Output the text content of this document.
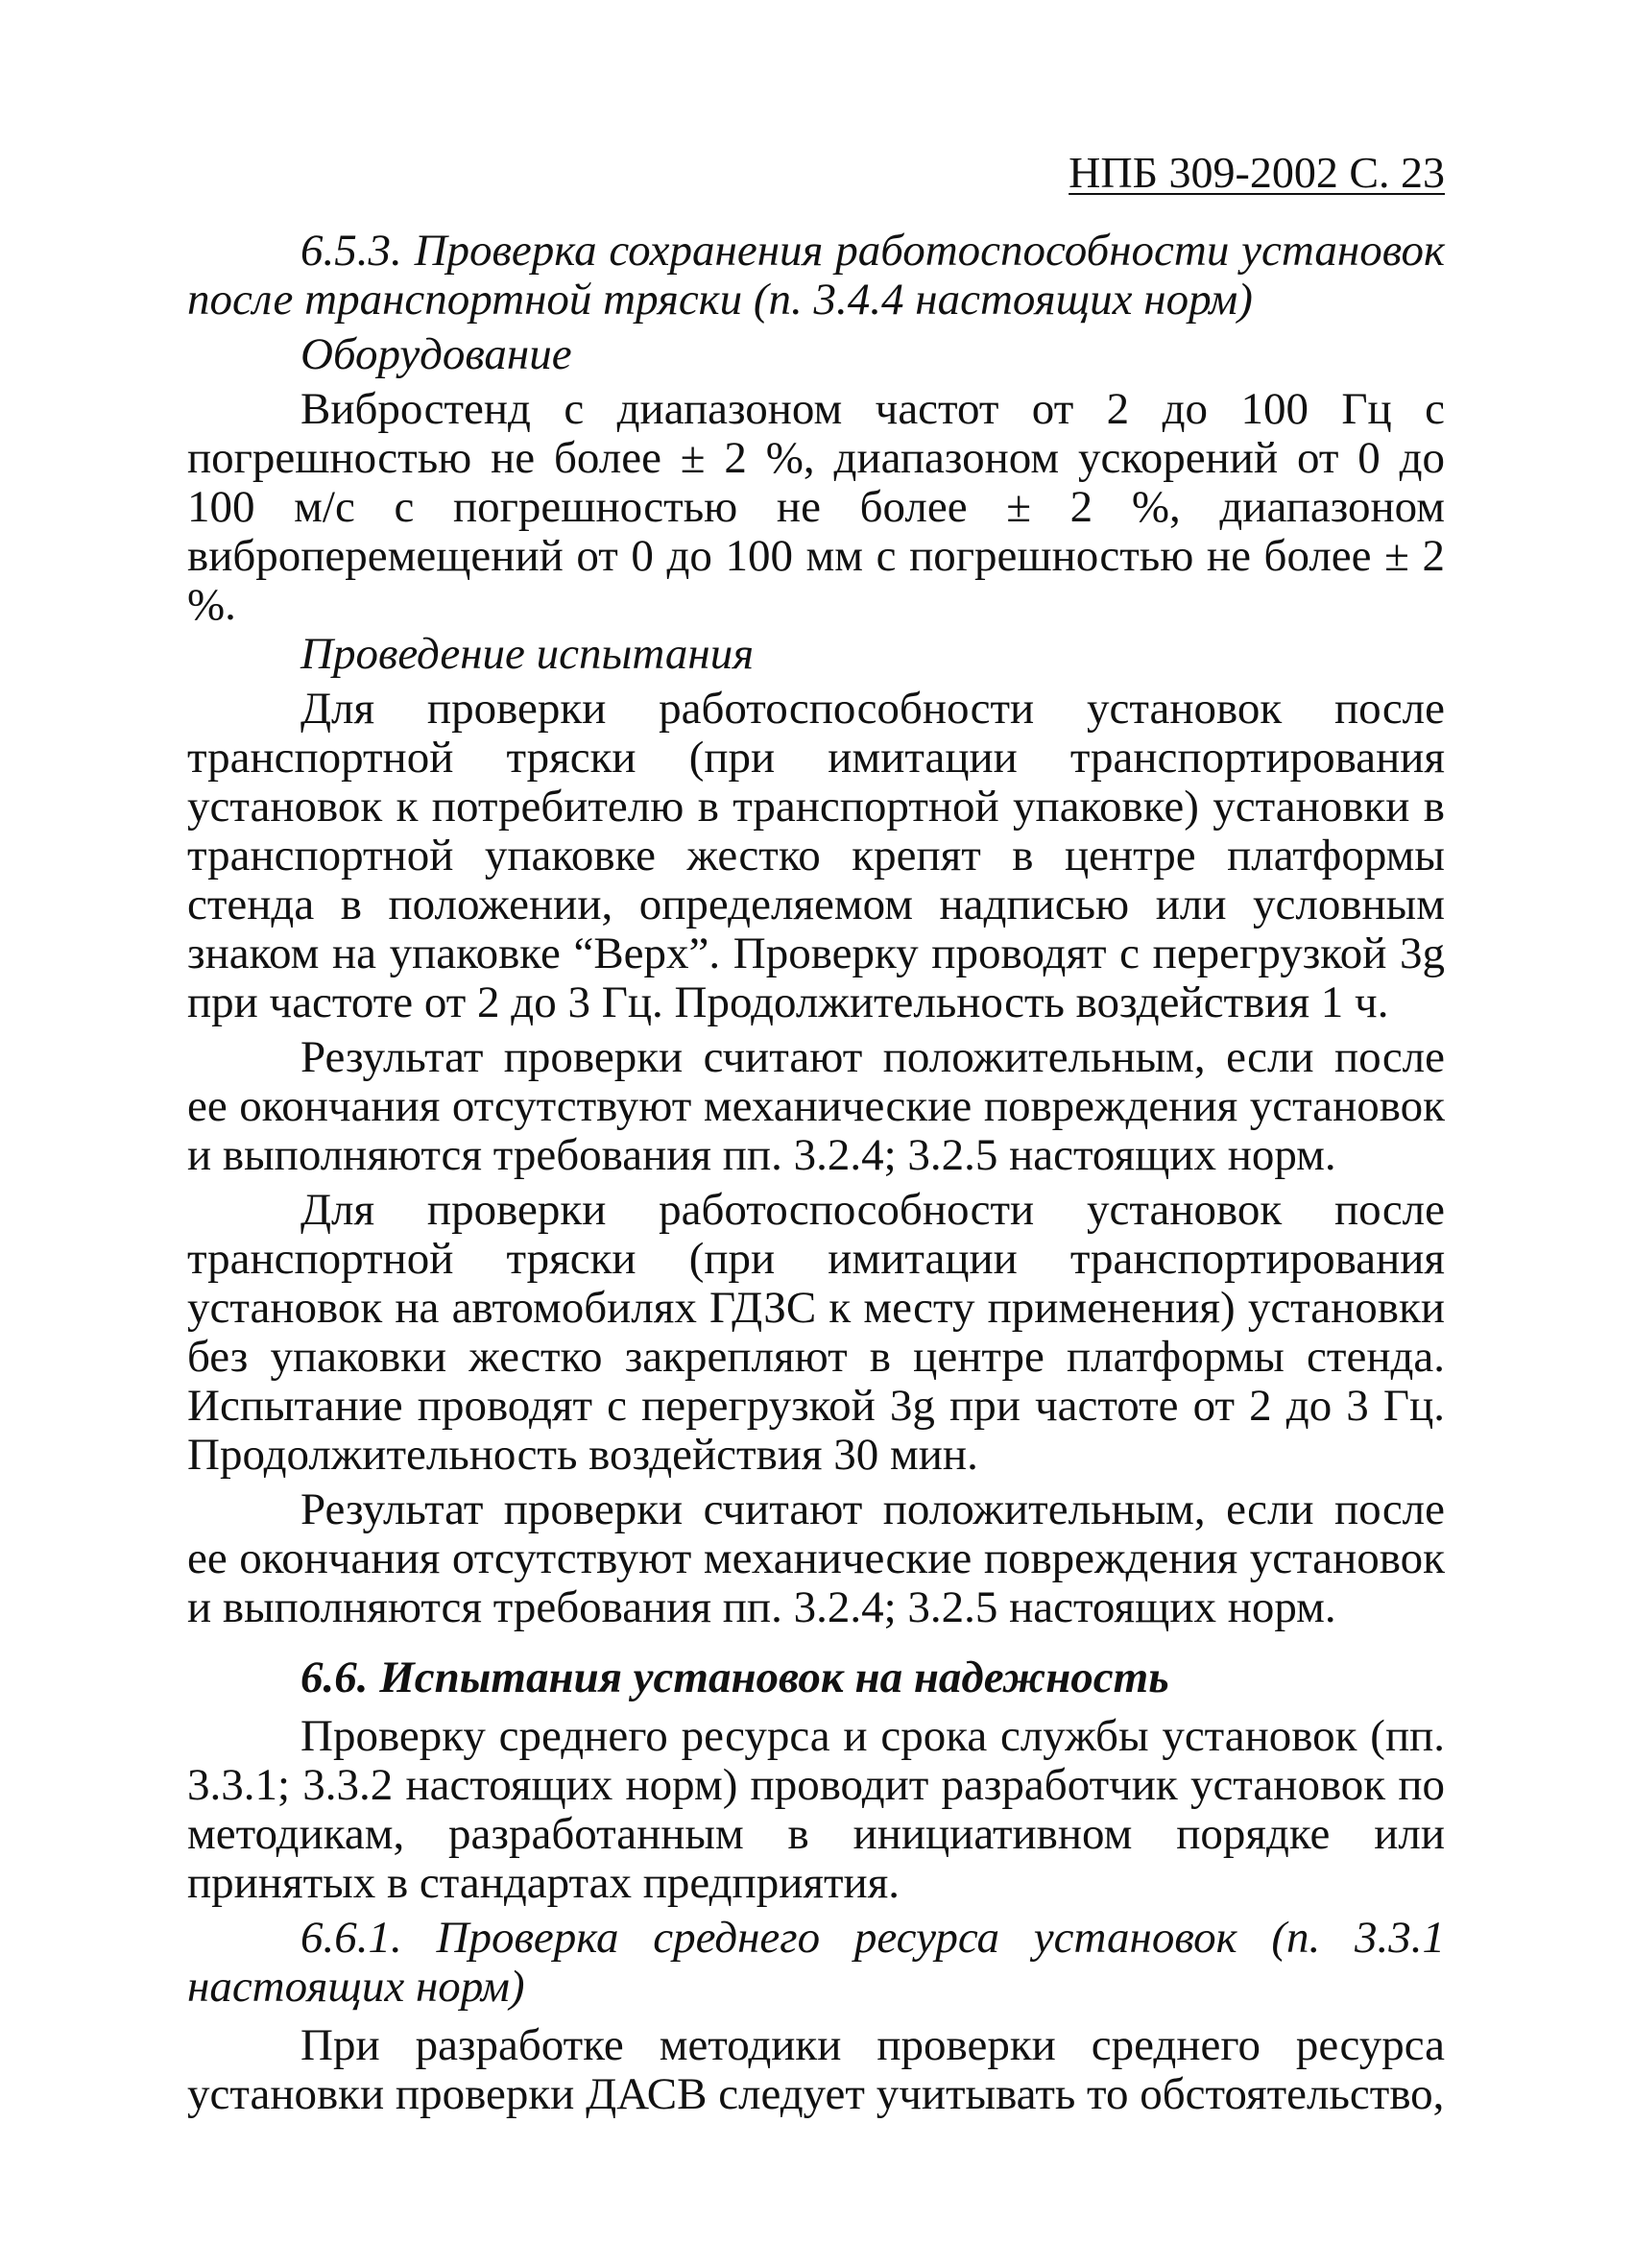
НПБ 309-2002 С. 23

6.5.3. Проверка сохранения работоспособности установок после транспортной тряски (п. 3.4.4 настоящих норм)

Оборудование

Вибростенд с диапазоном частот от 2 до 100 Гц с погрешностью не более ± 2 %, диапазоном ускорений от 0 до 100 м/с с погрешностью не более ± 2 %, диапазоном виброперемещений от 0 до 100 мм с погрешностью не более ± 2 %.

Проведение испытания

Для проверки работоспособности установок после транспортной тряски (при имитации транспортирования установок к потребителю в транспортной упаковке) установки в транспортной упаковке жестко крепят в центре платформы стенда в положении, определяемом надписью или условным знаком на упаковке “Верх”. Проверку проводят с перегрузкой 3g при частоте от 2 до 3 Гц. Продолжительность воздействия 1 ч.

Результат проверки считают положительным, если после ее окончания отсутствуют механические повреждения установок и выполняются требования пп. 3.2.4; 3.2.5 настоящих норм.

Для проверки работоспособности установок после транспортной тряски (при имитации транспортирования установок на автомобилях ГДЗС к месту применения) установки без упаковки жестко закрепляют в центре платформы стенда. Испытание проводят с перегрузкой 3g при частоте от 2 до 3 Гц. Продолжительность воздействия 30 мин.

Результат проверки считают положительным, если после ее окончания отсутствуют механические повреждения установок и выполняются требования пп. 3.2.4; 3.2.5 настоящих норм.

6.6. Испытания установок на надежность

Проверку среднего ресурса и срока службы установок (пп. 3.3.1; 3.3.2 настоящих норм) проводит разработчик установок по методикам, разработанным в инициативном порядке или принятых в стандартах предприятия.

6.6.1. Проверка среднего ресурса установок (п. 3.3.1 настоящих норм)

При разработке методики проверки среднего ресурса установки проверки ДАСВ следует учитывать то обстоятельство,
